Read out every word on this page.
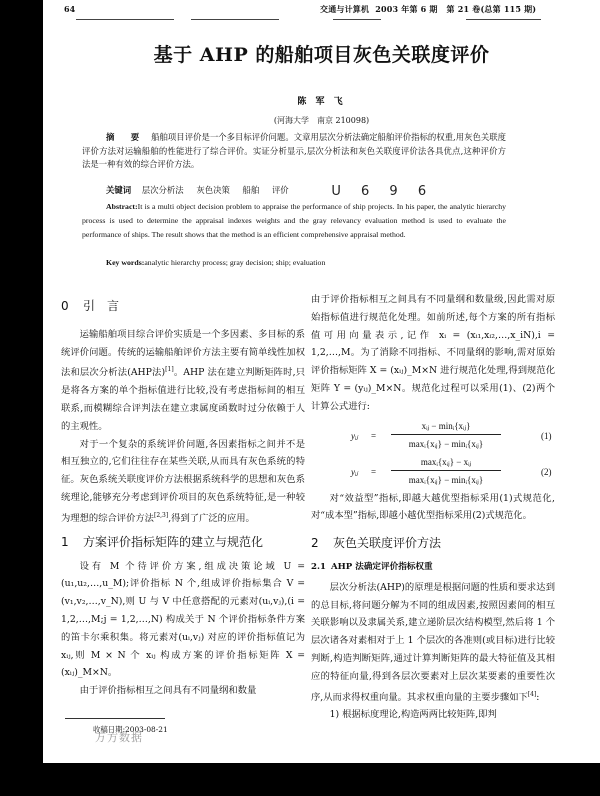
64	交通与计算机 2003 年第 6 期 第 21 卷(总第 115 期)
基于 AHP 的船舶项目灰色关联度评价
陈 军 飞
(河海大学　南京 210098)
摘　要 船舶项目评价是一个多目标评价问题。文章用层次分析法确定船舶评价指标的权重,用灰色关联度评价方法对运输船舶的性能进行了综合评价。实证分析显示,层次分析法和灰色关联度评价法各具优点,这种评价方法是一种有效的综合评价方法。
关键词 层次分析法 灰色决策 船舶 评价	U 6 9 6
Abstract:It is a multi object decision problem to appraise the performance of ship projects. In his paper, the analytic hierarchy process is used to determine the appraisal indexes weights and the gray relevancy evaluation method is used to evaluate the performance of ships. The result shows that the method is an efficient comprehensive appraisal method.
Key words:analytic hierarchy process; gray decision; ship; evaluation
0 引　言

运输船舶项目综合评价实质是一个多因素、多目标的系统评价问题。传统的运输船舶评价方法主要有简单线性加权法和层次分析法(AHP法)[1]。AHP 法在建立判断矩阵时,只是将各方案的单个指标值进行比较,没有考虑指标间的相互联系,而模糊综合评判法在建立隶属度函数时过分依赖于人的主观性。

对于一个复杂的系统评价问题,各因素指标之间并不是相互独立的,它们往往存在某些关联,从而具有灰色系统的特征。灰色系统关联度评价方法根据系统科学的思想和灰色系统理论,能够充分考虑到评价项目的灰色系统特征,是一种较为理想的综合评价方法[2,3],得到了广泛的应用。

1 方案评价指标矩阵的建立与规范化

设有 M 个待评价方案,组成决策论域 U = (u₁,u₂,…,u_M);评价指标 N 个,组成评价指标集合 V = (v₁,v₂,…,v_N),则 U 与 V 中任意搭配的元素对(uᵢ,vⱼ),(i = 1,2,…,M;j = 1,2,…,N) 构成关于 N 个评价指标条件方案的笛卡尔乘积集。将元素对(uᵢ,vⱼ) 对应的评价指标值记为 xᵢⱼ,则 M × N 个 xᵢⱼ 构成方案的评价指标矩阵 X = (xᵢⱼ)_M×N。

由于评价指标相互之间具有不同量纲和数量

由于评价指标相互之间具有不同量纲和数量级,因此需对原始指标值进行规范化处理。如前所述,每个方案的所有指标值可用向量表示,记作 xᵢ = (xᵢ₁,xᵢ₂,…,x_iN),i = 1,2,…,M。为了消除不同指标、不同量纲的影响,需对原始评价指标矩阵 X = (xᵢⱼ)_M×N 进行规范化处理,得到规范化矩阵 Y = (yᵢⱼ)_M×N。规范化过程可以采用(1)、(2)两个计算公式进行:

yᵢⱼ =
xᵢⱼ − minᵢ{xᵢⱼ}
maxᵢ{xᵢⱼ} − minᵢ{xᵢⱼ}
(1)
yᵢⱼ =
maxᵢ{xᵢⱼ} − xᵢⱼ
maxᵢ{xᵢⱼ} − minᵢ{xᵢⱼ}
(2)

对“效益型”指标,即越大越优型指标采用(1)式规范化,对“成本型”指标,即越小越优型指标采用(2)式规范化。

2 灰色关联度评价方法
2.1 AHP 法确定评价指标权重

层次分析法(AHP)的原理是根据问题的性质和要求达到的总目标,将问题分解为不同的组成因素,按照因素间的相互关联影响以及隶属关系,建立递阶层次结构模型,然后将 1 个层次诸各对素相对于上 1 个层次的各准则(或目标)进行比较判断,构造判断矩阵,通过计算判断矩阵的最大特征值及其相应的特征向量,得到各层次要素对上层次某要素的重要性次序,从而求得权重向量。其求权重向量的主要步骤如下[4]:

1) 根据标度理论,构造两两比较矩阵,即判

收稿日期:2003-08-21
万方数据
